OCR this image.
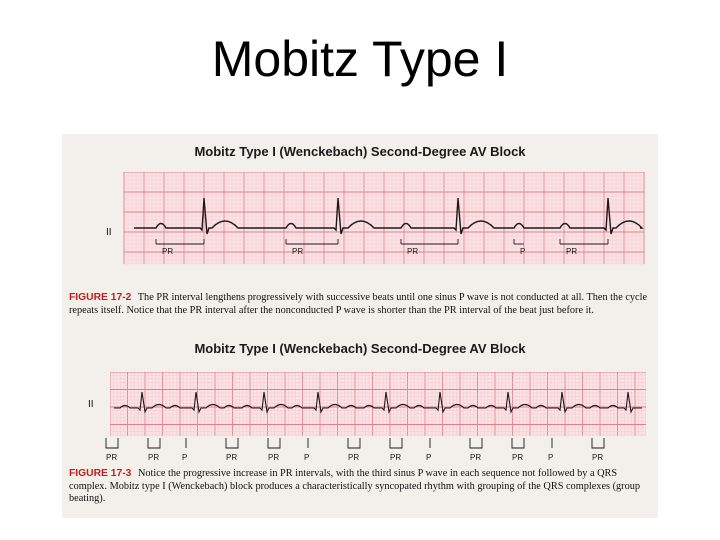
Mobitz Type I
Mobitz Type I (Wenckebach) Second-Degree AV Block
PR	PR	PR	P	PR
II
FIGURE 17-2 The PR interval lengthens progressively with successive beats until one sinus P wave is not conducted at all. Then the cycle repeats itself. Notice that the PR interval after the nonconducted P wave is shorter than the PR interval of the beat just before it.
Mobitz Type I (Wenckebach) Second-Degree AV Block
II
PR	PR	P	PR	PR	P	PR	PR	P	PR	PR	P	PR
FIGURE 17-3 Notice the progressive increase in PR intervals, with the third sinus P wave in each sequence not followed by a QRS complex. Mobitz type I (Wenckebach) block produces a characteristically syncopated rhythm with grouping of the QRS complexes (group beating).
